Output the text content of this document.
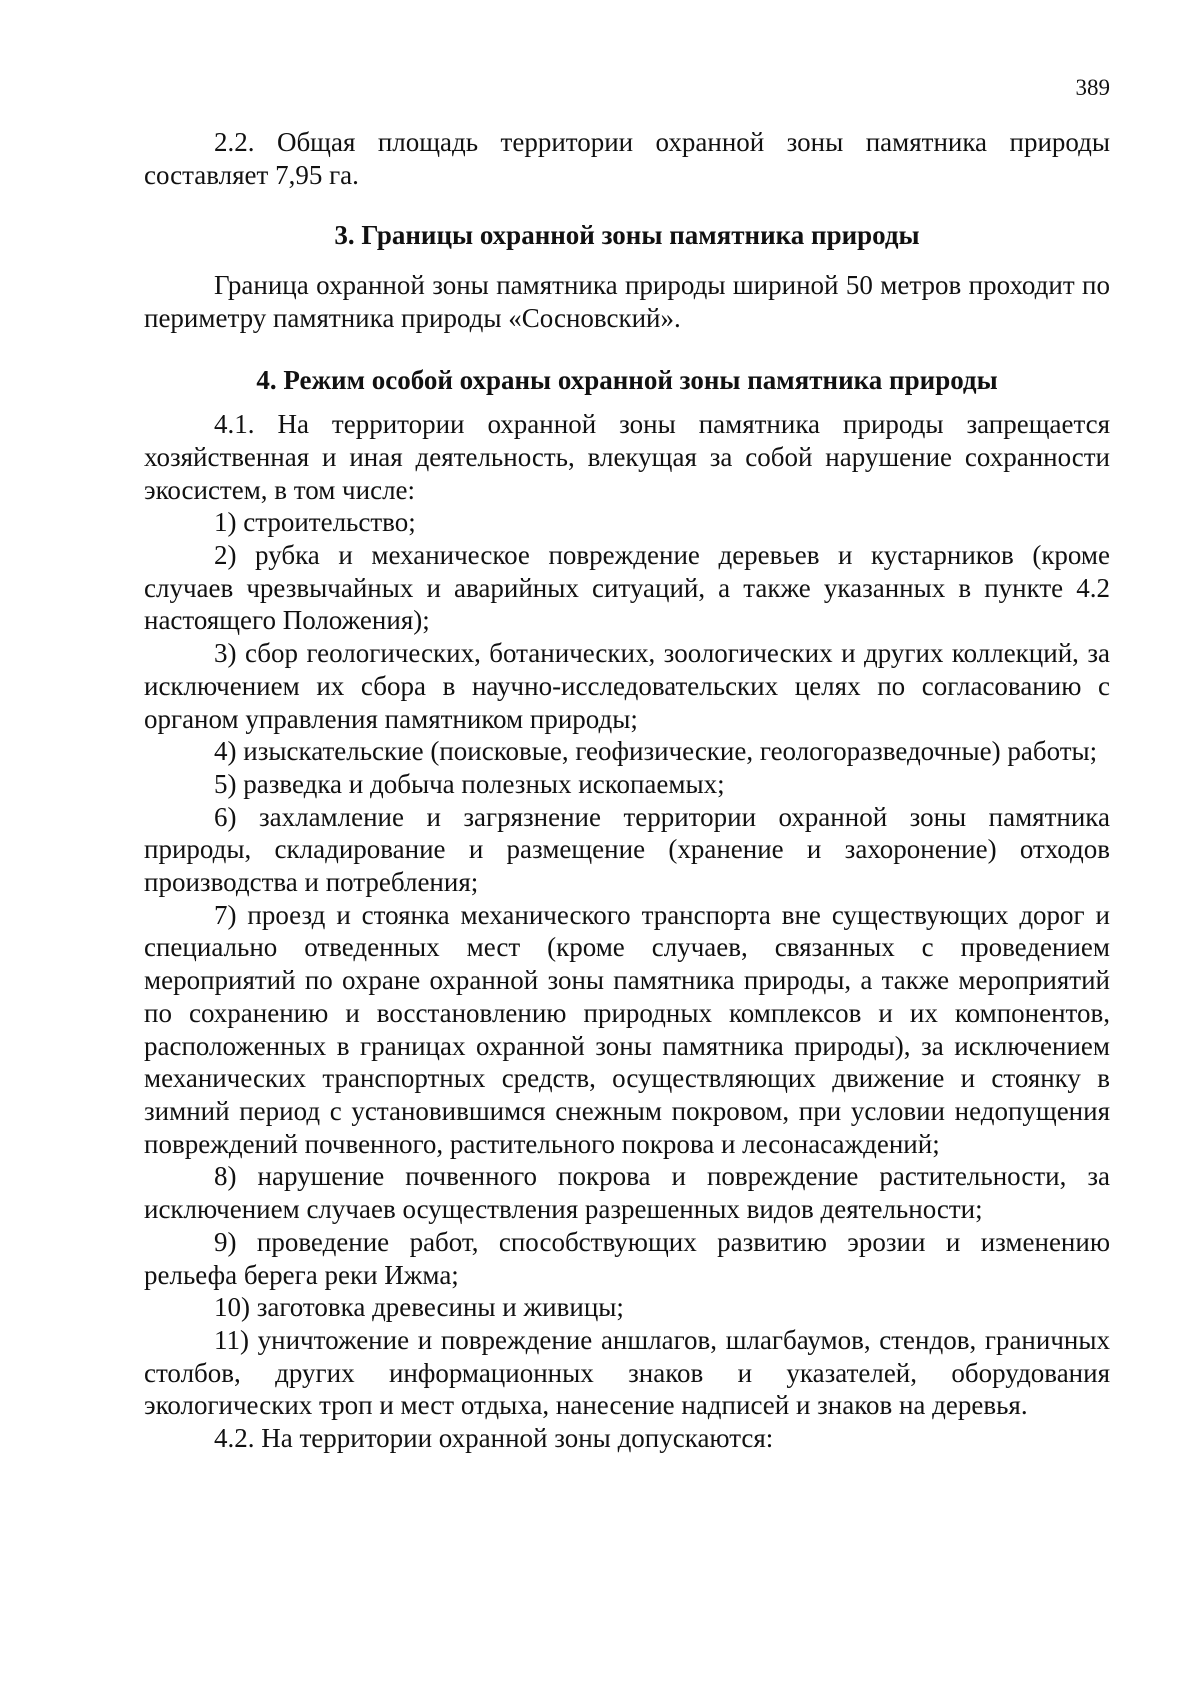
389

2.2. Общая площадь территории охранной зоны памятника природы составляет 7,95 га.

3. Границы охранной зоны памятника природы

Граница охранной зоны памятника природы шириной 50 метров проходит по периметру памятника природы «Сосновский».

4. Режим особой охраны охранной зоны памятника природы

4.1. На территории охранной зоны памятника природы запрещается хозяйственная и иная деятельность, влекущая за собой нарушение сохранности экосистем, в том числе:

1) строительство;

2) рубка и механическое повреждение деревьев и кустарников (кроме случаев чрезвычайных и аварийных ситуаций, а также указанных в пункте 4.2 настоящего Положения);

3) сбор геологических, ботанических, зоологических и других коллекций, за исключением их сбора в научно-исследовательских целях по согласованию с органом управления памятником природы;

4) изыскательские (поисковые, геофизические, геологоразведочные) работы;

5) разведка и добыча полезных ископаемых;

6) захламление и загрязнение территории охранной зоны памятника природы, складирование и размещение (хранение и захоронение) отходов производства и потребления;

7) проезд и стоянка механического транспорта вне существующих дорог и специально отведенных мест (кроме случаев, связанных с проведением мероприятий по охране охранной зоны памятника природы, а также мероприятий по сохранению и восстановлению природных комплексов и их компонентов, расположенных в границах охранной зоны памятника природы), за исключением механических транспортных средств, осуществляющих движение и стоянку в зимний период с установившимся снежным покровом, при условии недопущения повреждений почвенного, растительного покрова и лесонасаждений;

8) нарушение почвенного покрова и повреждение растительности, за исключением случаев осуществления разрешенных видов деятельности;

9) проведение работ, способствующих развитию эрозии и изменению рельефа берега реки Ижма;

10) заготовка древесины и живицы;

11) уничтожение и повреждение аншлагов, шлагбаумов, стендов, граничных столбов, других информационных знаков и указателей, оборудования экологических троп и мест отдыха, нанесение надписей и знаков на деревья.

4.2. На территории охранной зоны допускаются:
